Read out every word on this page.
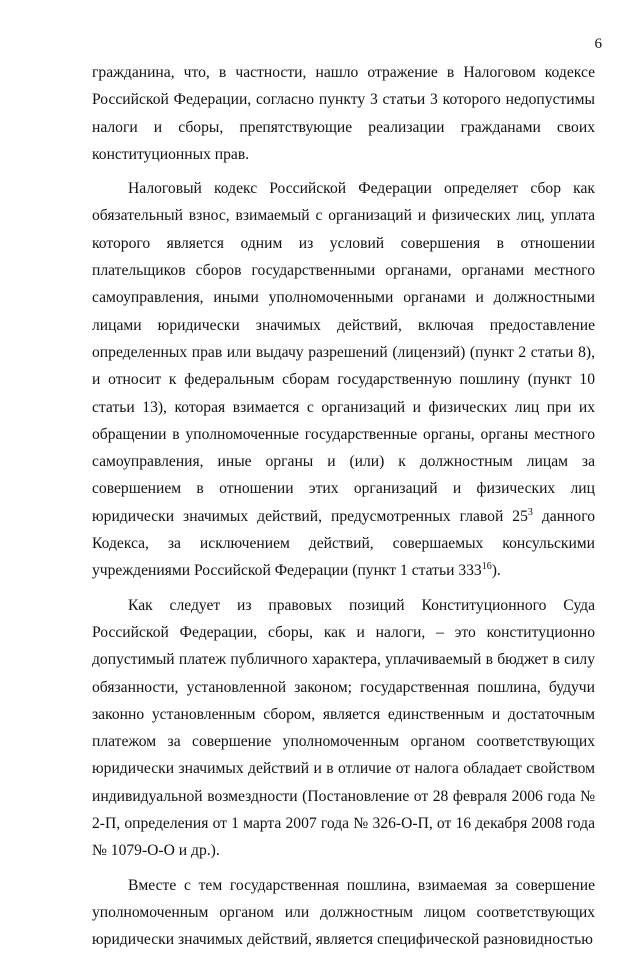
6

гражданина, что, в частности, нашло отражение в Налоговом кодексе Российской Федерации, согласно пункту 3 статьи 3 которого недопустимы налоги и сборы, препятствующие реализации гражданами своих конституционных прав.

Налоговый кодекс Российской Федерации определяет сбор как обязательный взнос, взимаемый с организаций и физических лиц, уплата которого является одним из условий совершения в отношении плательщиков сборов государственными органами, органами местного самоуправления, иными уполномоченными органами и должностными лицами юридически значимых действий, включая предоставление определенных прав или выдачу разрешений (лицензий) (пункт 2 статьи 8), и относит к федеральным сборам государственную пошлину (пункт 10 статьи 13), которая взимается с организаций и физических лиц при их обращении в уполномоченные государственные органы, органы местного самоуправления, иные органы и (или) к должностным лицам за совершением в отношении этих организаций и физических лиц юридически значимых действий, предусмотренных главой $25^3$ данного Кодекса, за исключением действий, совершаемых консульскими учреждениями Российской Федерации (пункт 1 статьи $333^{16}$).

Как следует из правовых позиций Конституционного Суда Российской Федерации, сборы, как и налоги, – это конституционно допустимый платеж публичного характера, уплачиваемый в бюджет в силу обязанности, установленной законом; государственная пошлина, будучи законно установленным сбором, является единственным и достаточным платежом за совершение уполномоченным органом соответствующих юридически значимых действий и в отличие от налога обладает свойством индивидуальной возмездности (Постановление от 28 февраля 2006 года № 2-П, определения от 1 марта 2007 года № 326-О-П, от 16 декабря 2008 года № 1079-О-О и др.).

Вместе с тем государственная пошлина, взимаемая за совершение уполномоченным органом или должностным лицом соответствующих юридически значимых действий, является специфической разновидностью
